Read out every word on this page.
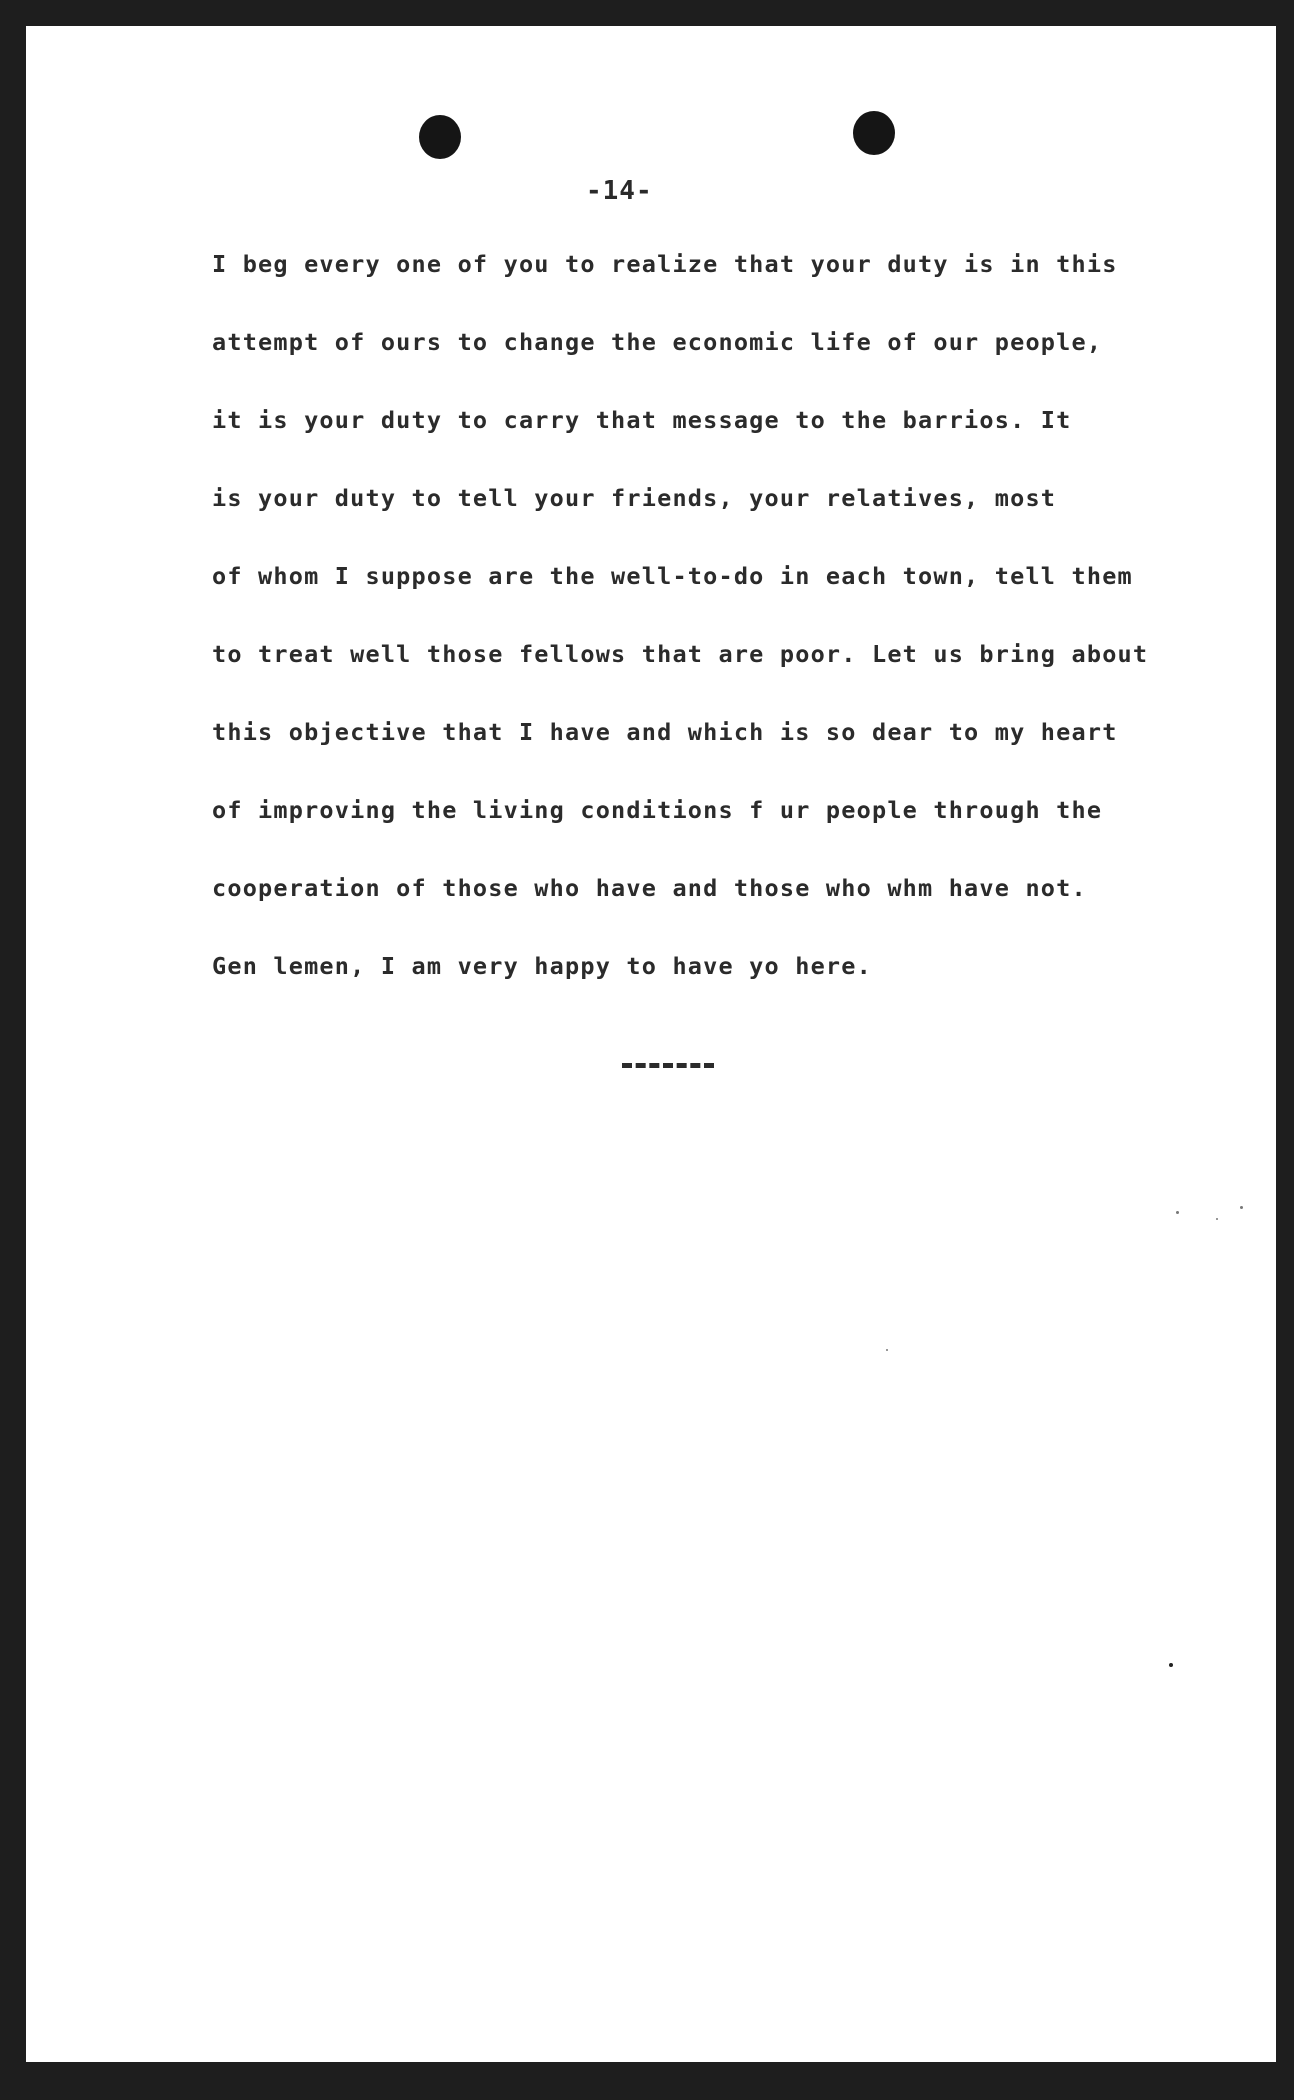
-14-
I beg every one of you to realize that your duty is in this
attempt of ours to change the economic life of our people,
it is your duty to carry that message to the barrios. It
is your duty to tell your friends, your relatives, most
of whom I suppose are the well-to-do in each town, tell them
to treat well those fellows that are poor. Let us bring about
this objective that I have and which is so dear to my heart
of improving the living conditions f ur people through the
cooperation of those who have and those who whm have not.
Gen lemen, I am very happy to have yo here.
